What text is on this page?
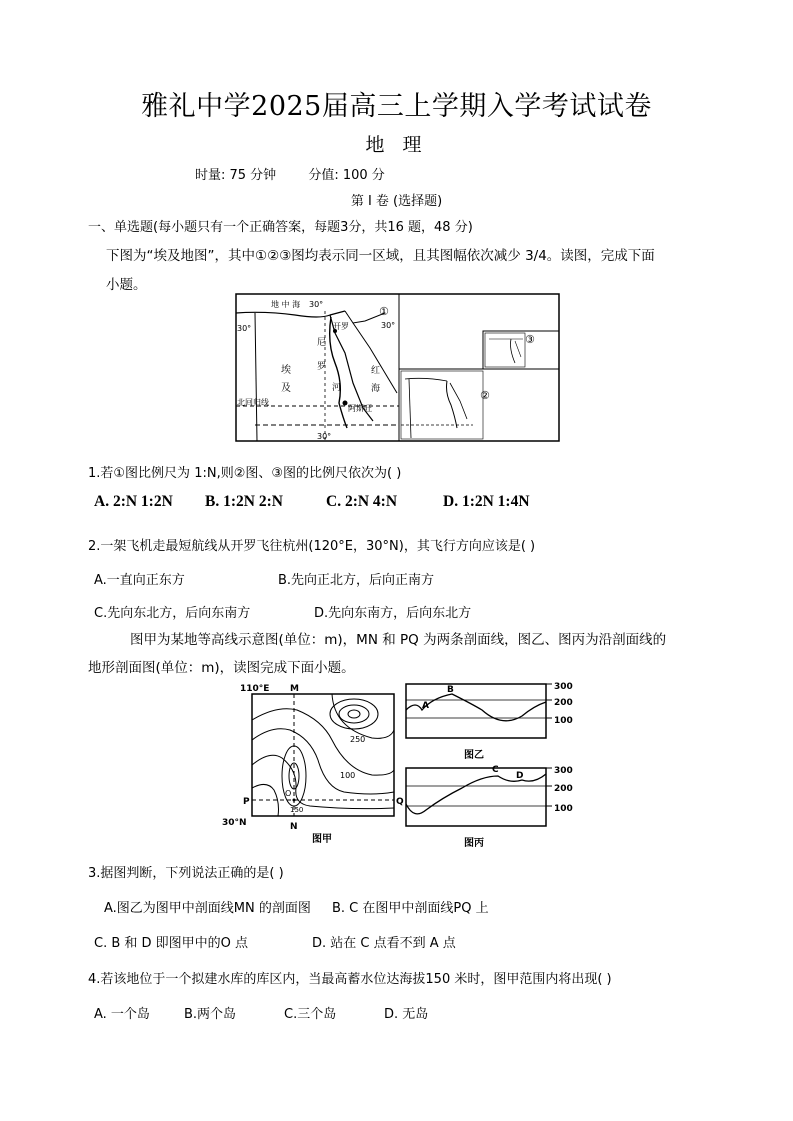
雅礼中学2025届高三上学期入学考试试卷
地 理
时量: 75 分钟 分值: 100 分
第 I 卷 (选择题)
一、单选题(每小题只有一个正确答案，每题3分，共16 题，48 分)
下图为“埃及地图”，其中①②③图均表示同一区域，且其图幅依次减少 3/4。读图，完成下面
小题。
地 中 海 30°
30°	30°
30°
开罗
尼
罗
河
红
海
埃
及
北回归线
阿斯旺
①
②
③
1.若①图比例尺为 1:N,则②图、③图的比例尺依次为( )
A. 2:N 1:2N B. 1:2N 2:N	C. 2:N 4:N	D. 1:2N 1:4N
2.一架飞机走最短航线从开罗飞往杭州(120°E，30°N)，其飞行方向应该是( )
A.一直向正东方	B.先向正北方，后向正南方
C.先向东北方，后向东南方	D.先向东南方，后向东北方
图甲为某地等高线示意图(单位：m)，MN 和 PQ 为两条剖面线，图乙、图丙为沿剖面线的
地形剖面图(单位：m)，读图完成下面小题。
110°E M
N
P	Q
O
30°N
250
100
150
图甲
A
B	300
200
100
图乙
C
D	300
200
100
图丙
3.据图判断，下列说法正确的是( )
A.图乙为图甲中剖面线MN 的剖面图 B. C 在图甲中剖面线PQ 上
C. B 和 D 即图甲中的O 点	D. 站在 C 点看不到 A 点
4.若该地位于一个拟建水库的库区内，当最高蓄水位达海拔150 米时，图甲范围内将出现( )
A. 一个岛	B.两个岛	C.三个岛	D. 无岛
